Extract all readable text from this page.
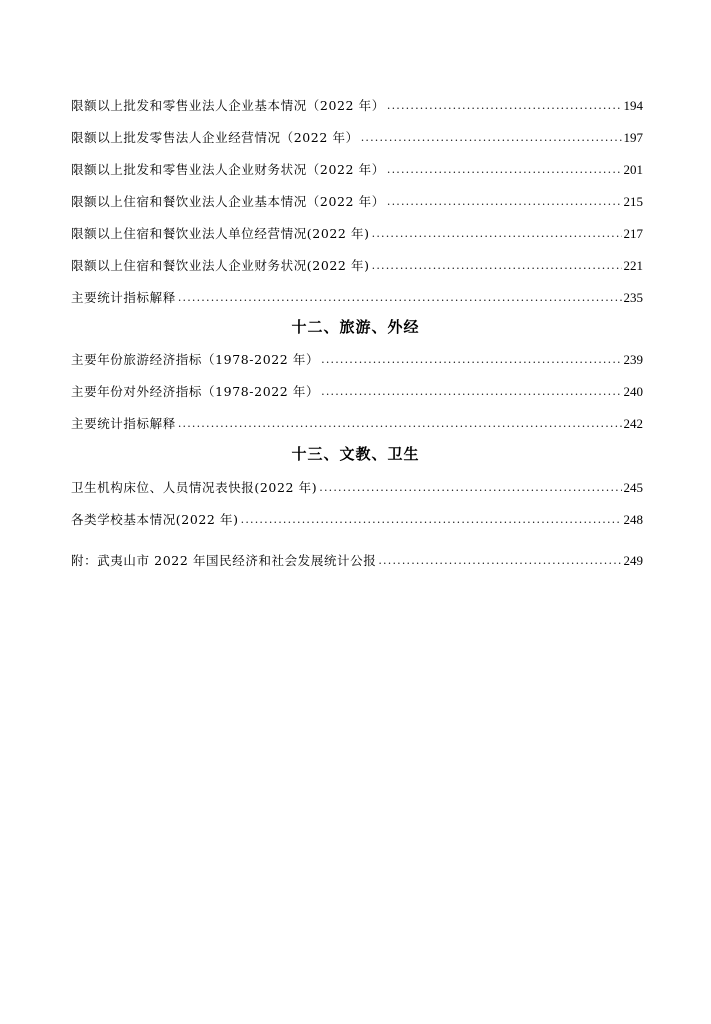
限额以上批发和零售业法人企业基本情况（2022 年） .....	194
限额以上批发零售法人企业经营情况（2022 年） .....	197
限额以上批发和零售业法人企业财务状况（2022 年） .....	201
限额以上住宿和餐饮业法人企业基本情况（2022 年） .....	215
限额以上住宿和餐饮业法人单位经营情况(2022 年) .....	217
限额以上住宿和餐饮业法人企业财务状况(2022 年) .....	221
主要统计指标解释 .....	235
十二、旅游、外经
主要年份旅游经济指标（1978-2022 年） .....	239
主要年份对外经济指标（1978-2022 年） .....	240
主要统计指标解释 .....	242
十三、文教、卫生
卫生机构床位、人员情况表快报(2022 年) .....	245
各类学校基本情况(2022 年) .....	248
附：武夷山市 2022 年国民经济和社会发展统计公报 .....	249
